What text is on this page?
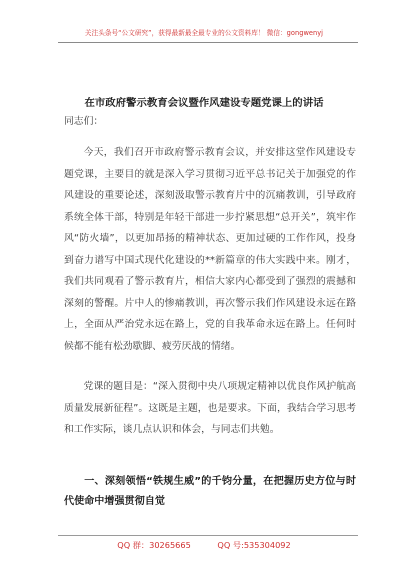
关注头条号“公文研究”，获得最新最全最专业的公文资料库！ 微信：gongwenyj
在市政府警示教育会议暨作风建设专题党课上的讲话

同志们：

今天，我们召开市政府警示教育会议，并安排这堂作风建设专题党课，主要目的就是深入学习贯彻习近平总书记关于加强党的作风建设的重要论述，深刻汲取警示教育片中的沉痛教训，引导政府系统全体干部，特别是年轻干部进一步拧紧思想“总开关”，筑牢作风“防火墙”，以更加昂扬的精神状态、更加过硬的工作作风，投身到奋力谱写中国式现代化建设的**新篇章的伟大实践中来。刚才，我们共同观看了警示教育片，相信大家内心都受到了强烈的震撼和深刻的警醒。片中人的惨痛教训，再次警示我们作风建设永远在路上，全面从严治党永远在路上，党的自我革命永远在路上。任何时候都不能有松劲歇脚、疲劳厌战的情绪。

党课的题目是：“深入贯彻中央八项规定精神以优良作风护航高质量发展新征程”。这既是主题，也是要求。下面，我结合学习思考和工作实际，谈几点认识和体会，与同志们共勉。

一、深刻领悟“铁规生威”的千钧分量，在把握历史方位与时代使命中增强贯彻自觉

QQ 群：30265665	QQ 号:535304092
